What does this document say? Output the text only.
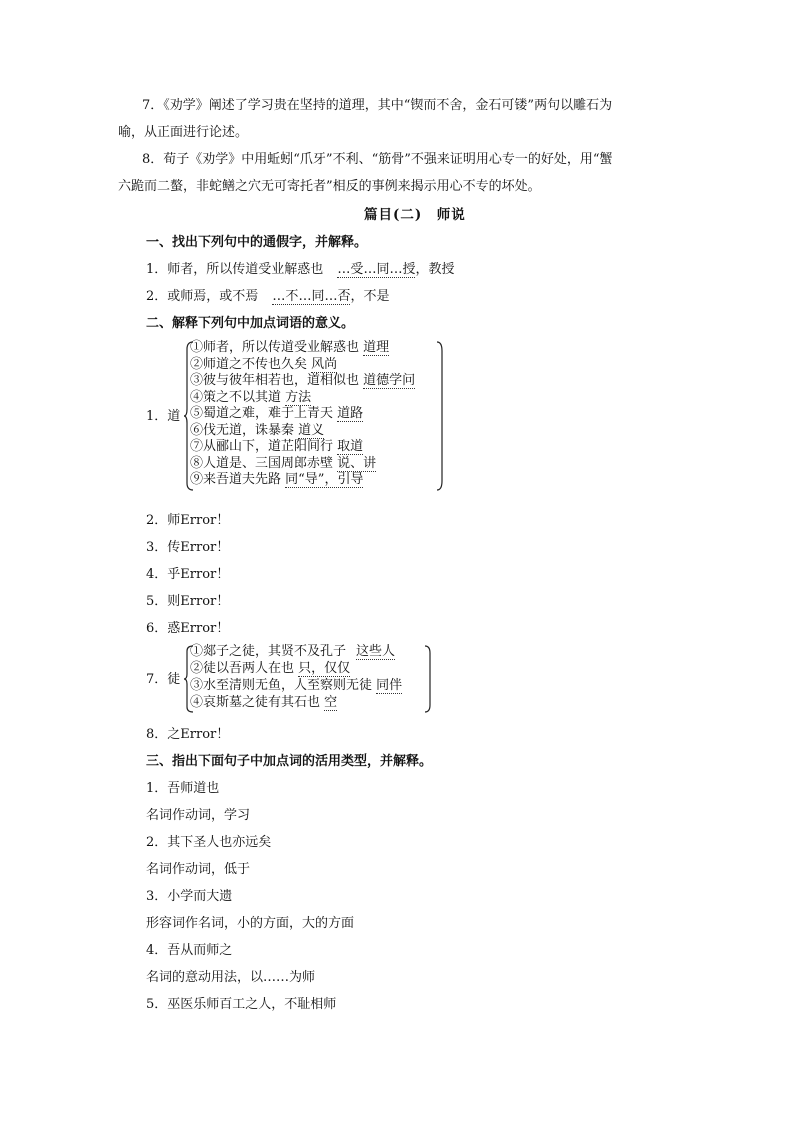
7．《劝学》阐述了学习贵在坚持的道理，其中“锲而不舍，金石可镂”两句以雕石为
喻，从正面进行论述。
8．荀子《劝学》中用蚯蚓“爪牙”不利、“筋骨”不强来证明用心专一的好处，用“蟹
六跪而二螯，非蛇鳝之穴无可寄托者”相反的事例来揭示用心不专的坏处。
篇目(二)　师说
一、找出下列句中的通假字，并解释。
1．师者，所以传道受业解惑也 …受…同…授，教授
2．或师焉，或不焉 …不…同…否，不是
二、解释下列句中加点词语的意义。
1．道
①师者，所以传道受业解惑也 道理
②师道之不传也久矣 风尚
③彼与彼年相若也，道相似也 道德学问
④策之不以其道 方法
⑤蜀道之难，难于上青天 道路
⑥伐无道，诛暴秦 道义
⑦从郦山下，道芷阳间行 取道
⑧人道是、三国周郎赤壁 说、讲
⑨来吾道夫先路 同“导”，引导
2．师Error！
3．传Error！
4．乎Error！
5．则Error！
6．惑Error！
7．徒
①郯子之徒，其贤不及孔子 这些人
②徒以吾两人在也 只，仅仅
③水至清则无鱼，人至察则无徒 同伴
④哀斯墓之徒有其石也 空
8．之Error！
三、指出下面句子中加点词的活用类型，并解释。
1．吾师道也
名词作动词，学习
2．其下圣人也亦远矣
名词作动词，低于
3．小学而大遗
形容词作名词，小的方面，大的方面
4．吾从而师之
名词的意动用法，以……为师
5．巫医乐师百工之人，不耻相师
